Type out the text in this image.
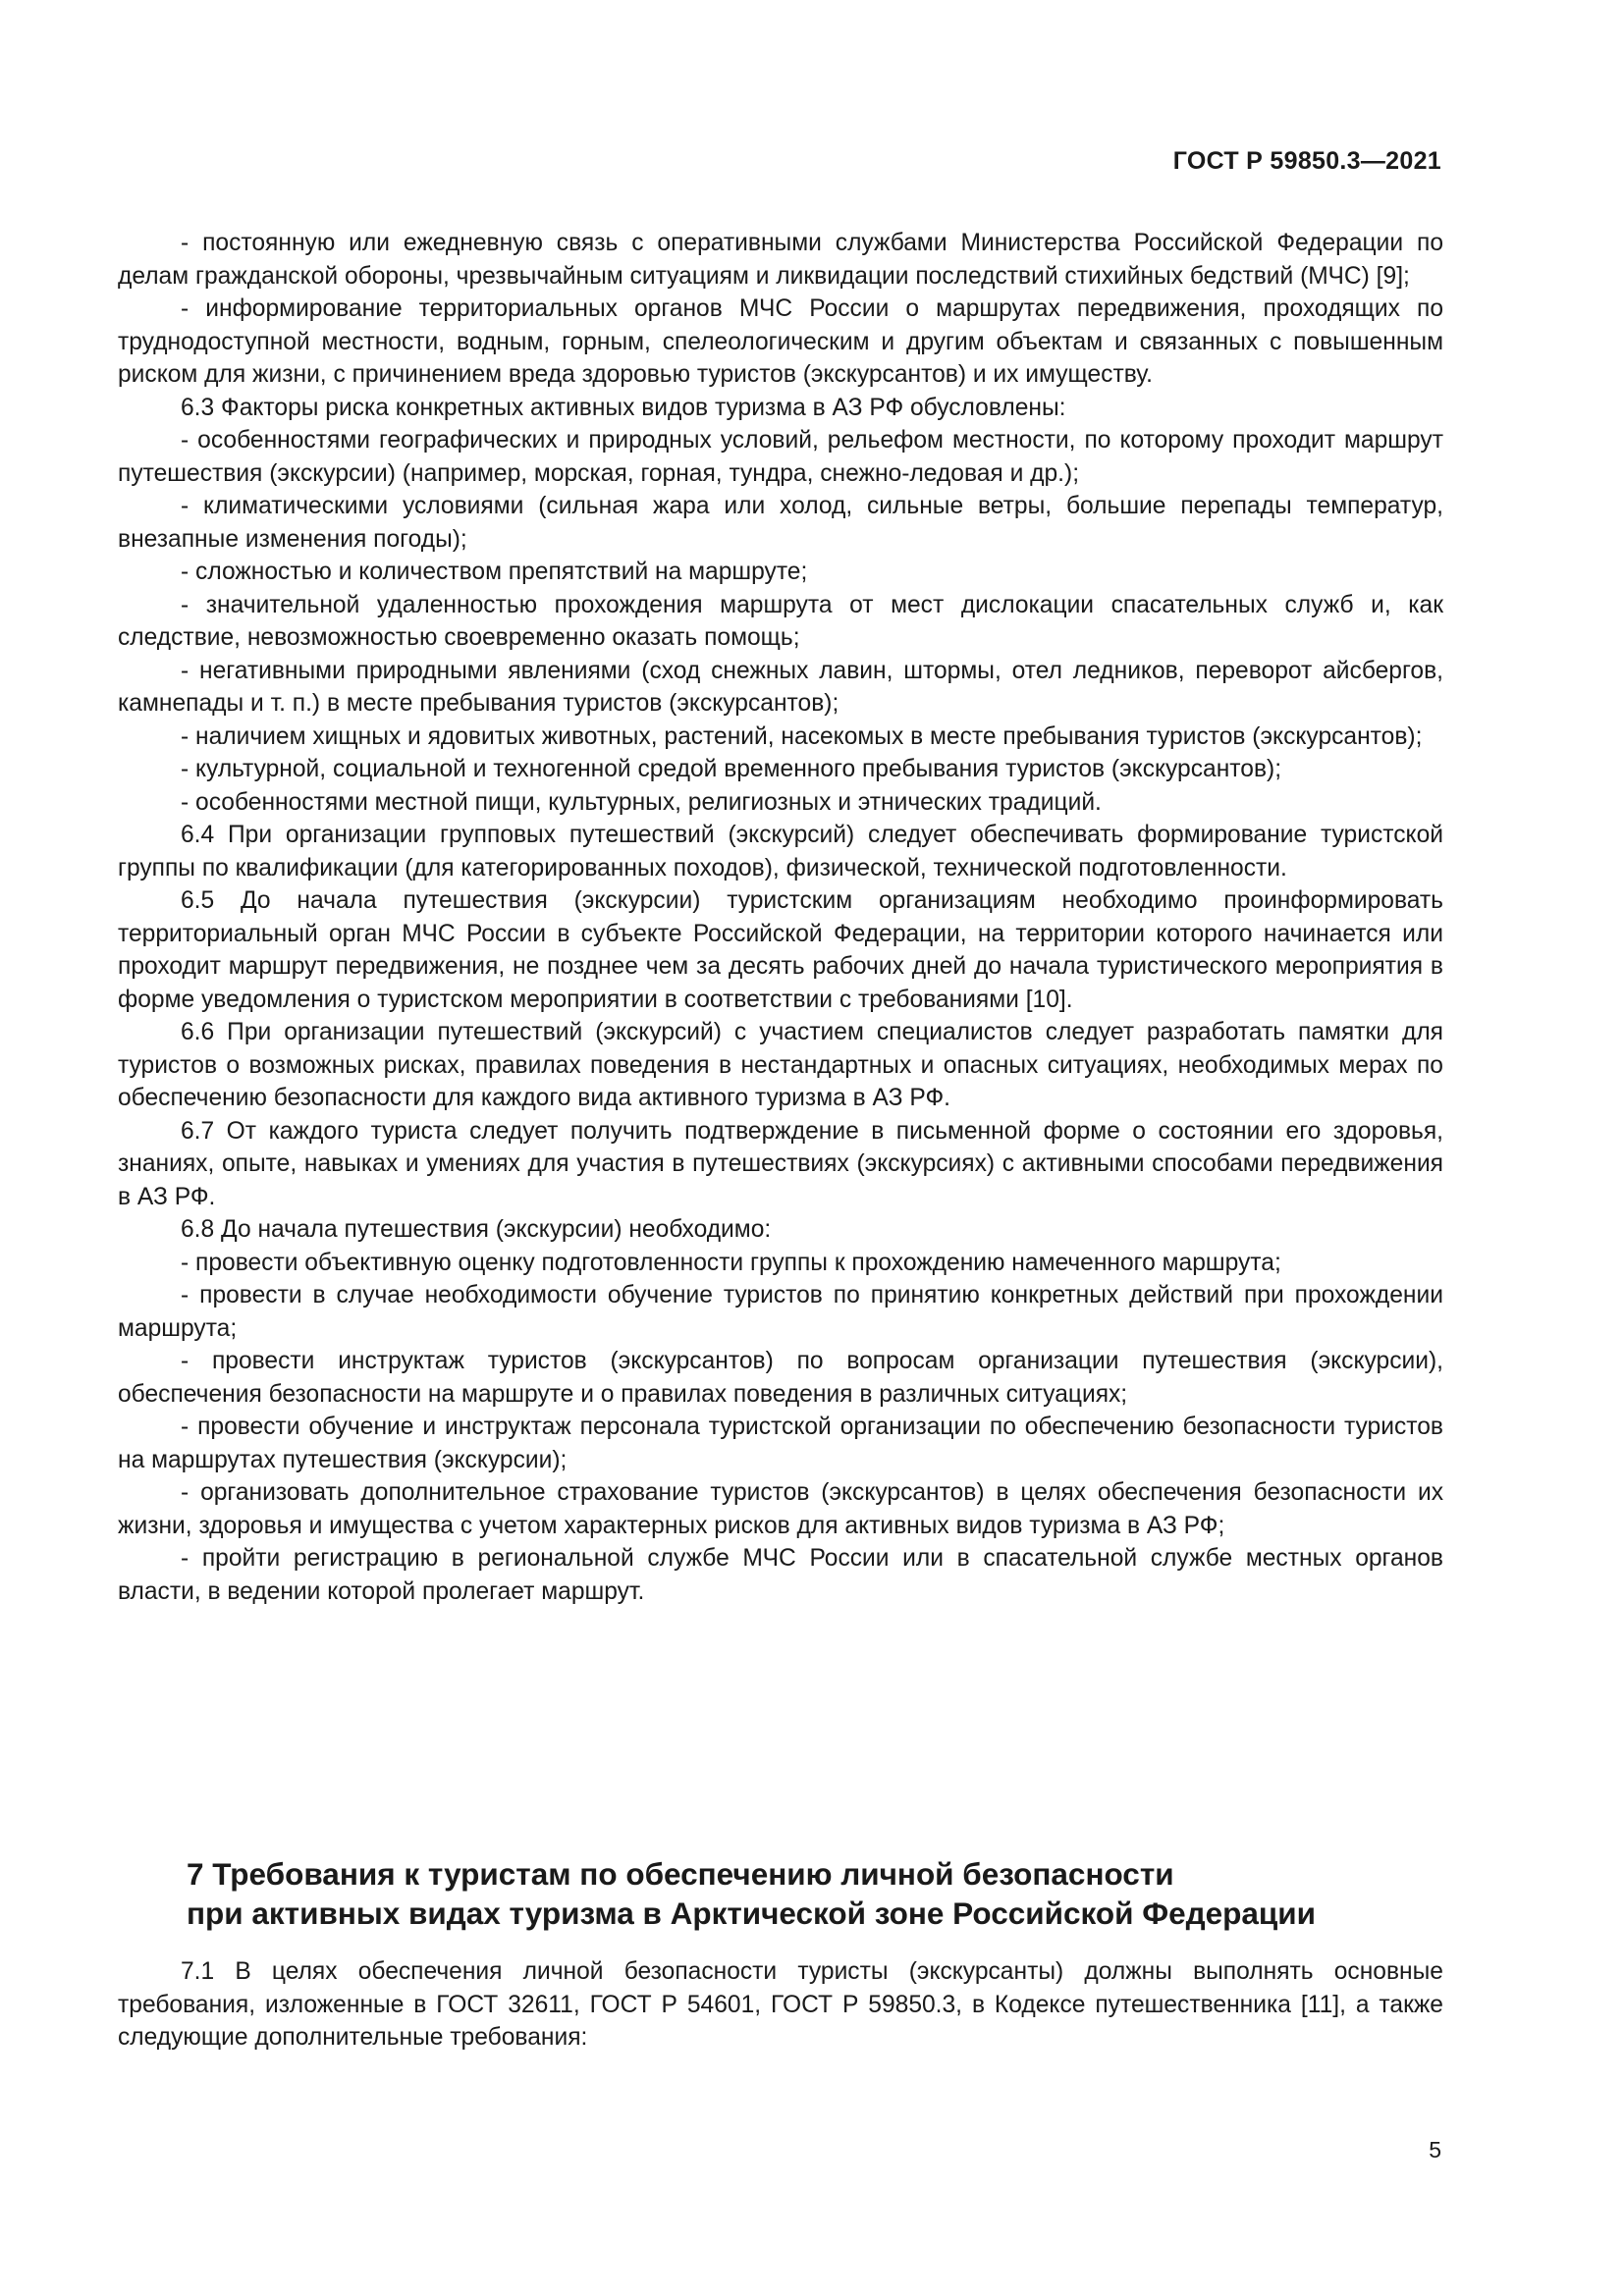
ГОСТ Р 59850.3—2021

- постоянную или ежедневную связь с оперативными службами Министерства Российской Федерации по делам гражданской обороны, чрезвычайным ситуациям и ликвидации последствий стихийных бедствий (МЧС) [9];

- информирование территориальных органов МЧС России о маршрутах передвижения, проходящих по труднодоступной местности, водным, горным, спелеологическим и другим объектам и связанных с повышенным риском для жизни, с причинением вреда здоровью туристов (экскурсантов) и их имуществу.

6.3 Факторы риска конкретных активных видов туризма в АЗ РФ обусловлены:

- особенностями географических и природных условий, рельефом местности, по которому проходит маршрут путешествия (экскурсии) (например, морская, горная, тундра, снежно-ледовая и др.);

- климатическими условиями (сильная жара или холод, сильные ветры, большие перепады температур, внезапные изменения погоды);

- сложностью и количеством препятствий на маршруте;

- значительной удаленностью прохождения маршрута от мест дислокации спасательных служб и, как следствие, невозможностью своевременно оказать помощь;

- негативными природными явлениями (сход снежных лавин, штормы, отел ледников, переворот айсбергов, камнепады и т. п.) в месте пребывания туристов (экскурсантов);

- наличием хищных и ядовитых животных, растений, насекомых в месте пребывания туристов (экскурсантов);

- культурной, социальной и техногенной средой временного пребывания туристов (экскурсантов);

- особенностями местной пищи, культурных, религиозных и этнических традиций.

6.4 При организации групповых путешествий (экскурсий) следует обеспечивать формирование туристской группы по квалификации (для категорированных походов), физической, технической подготовленности.

6.5 До начала путешествия (экскурсии) туристским организациям необходимо проинформировать территориальный орган МЧС России в субъекте Российской Федерации, на территории которого начинается или проходит маршрут передвижения, не позднее чем за десять рабочих дней до начала туристического мероприятия в форме уведомления о туристском мероприятии в соответствии с требованиями [10].

6.6 При организации путешествий (экскурсий) с участием специалистов следует разработать памятки для туристов о возможных рисках, правилах поведения в нестандартных и опасных ситуациях, необходимых мерах по обеспечению безопасности для каждого вида активного туризма в АЗ РФ.

6.7 От каждого туриста следует получить подтверждение в письменной форме о состоянии его здоровья, знаниях, опыте, навыках и умениях для участия в путешествиях (экскурсиях) с активными способами передвижения в АЗ РФ.

6.8 До начала путешествия (экскурсии) необходимо:

- провести объективную оценку подготовленности группы к прохождению намеченного маршрута;

- провести в случае необходимости обучение туристов по принятию конкретных действий при прохождении маршрута;

- провести инструктаж туристов (экскурсантов) по вопросам организации путешествия (экскурсии), обеспечения безопасности на маршруте и о правилах поведения в различных ситуациях;

- провести обучение и инструктаж персонала туристской организации по обеспечению безопасности туристов на маршрутах путешествия (экскурсии);

- организовать дополнительное страхование туристов (экскурсантов) в целях обеспечения безопасности их жизни, здоровья и имущества с учетом характерных рисков для активных видов туризма в АЗ РФ;

- пройти регистрацию в региональной службе МЧС России или в спасательной службе местных органов власти, в ведении которой пролегает маршрут.

7 Требования к туристам по обеспечению личной безопасности
при активных видах туризма в Арктической зоне Российской Федерации

7.1 В целях обеспечения личной безопасности туристы (экскурсанты) должны выполнять основные требования, изложенные в ГОСТ 32611, ГОСТ Р 54601, ГОСТ Р 59850.3, в Кодексе путешественника [11], а также следующие дополнительные требования:

5
